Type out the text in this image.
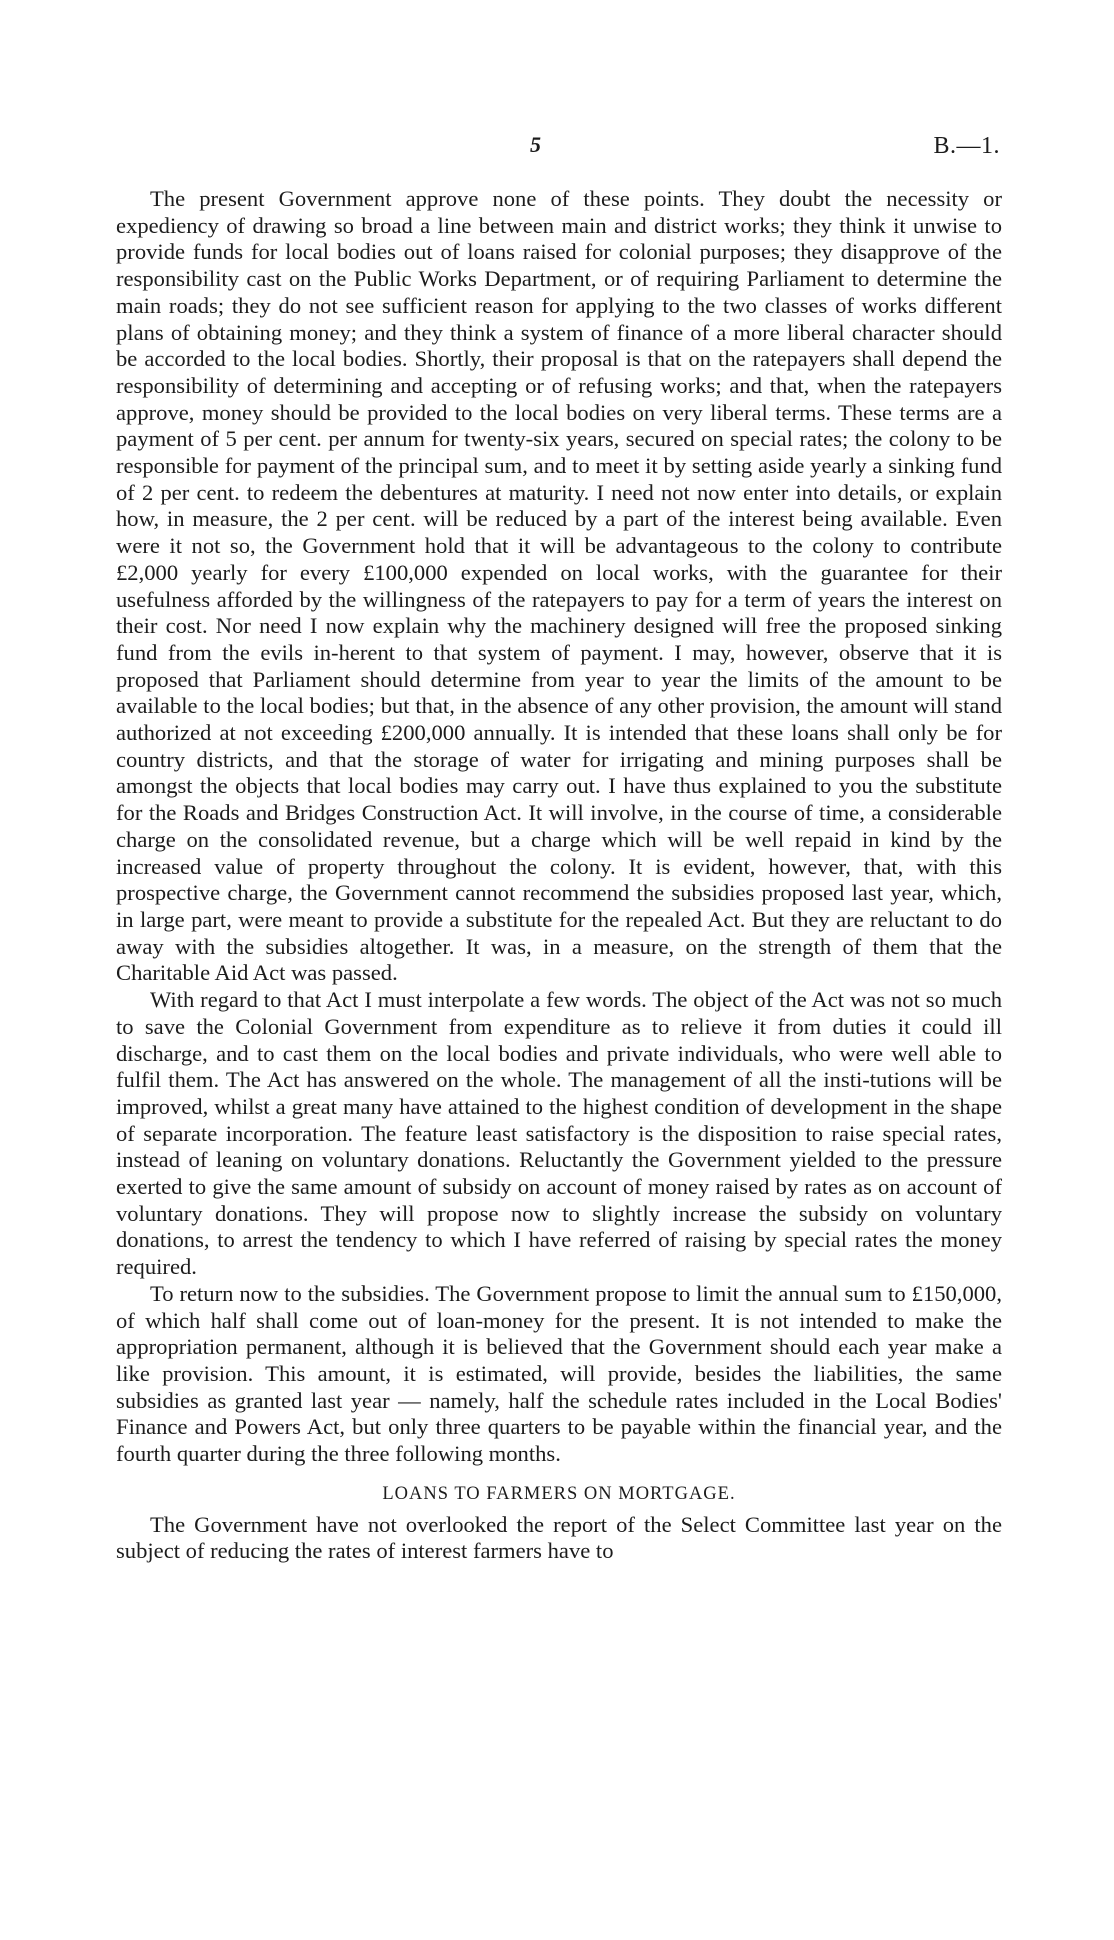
5	B.—1.

The present Government approve none of these points. They doubt the necessity or expediency of drawing so broad a line between main and district works; they think it unwise to provide funds for local bodies out of loans raised for colonial purposes; they disapprove of the responsibility cast on the Public Works Department, or of requiring Parliament to determine the main roads; they do not see sufficient reason for applying to the two classes of works different plans of obtaining money; and they think a system of finance of a more liberal character should be accorded to the local bodies. Shortly, their proposal is that on the ratepayers shall depend the responsibility of determining and accepting or of refusing works; and that, when the ratepayers approve, money should be provided to the local bodies on very liberal terms. These terms are a payment of 5 per cent. per annum for twenty-six years, secured on special rates; the colony to be responsible for payment of the principal sum, and to meet it by setting aside yearly a sinking fund of 2 per cent. to redeem the debentures at maturity. I need not now enter into details, or explain how, in measure, the 2 per cent. will be reduced by a part of the interest being available. Even were it not so, the Government hold that it will be advantageous to the colony to contribute £2,000 yearly for every £100,000 expended on local works, with the guarantee for their usefulness afforded by the willingness of the ratepayers to pay for a term of years the interest on their cost. Nor need I now explain why the machinery designed will free the proposed sinking fund from the evils in-herent to that system of payment. I may, however, observe that it is proposed that Parliament should determine from year to year the limits of the amount to be available to the local bodies; but that, in the absence of any other provision, the amount will stand authorized at not exceeding £200,000 annually. It is intended that these loans shall only be for country districts, and that the storage of water for irrigating and mining purposes shall be amongst the objects that local bodies may carry out. I have thus explained to you the substitute for the Roads and Bridges Construction Act. It will involve, in the course of time, a considerable charge on the consolidated revenue, but a charge which will be well repaid in kind by the increased value of property throughout the colony. It is evident, however, that, with this prospective charge, the Government cannot recommend the subsidies proposed last year, which, in large part, were meant to provide a substitute for the repealed Act. But they are reluctant to do away with the subsidies altogether. It was, in a measure, on the strength of them that the Charitable Aid Act was passed.

With regard to that Act I must interpolate a few words. The object of the Act was not so much to save the Colonial Government from expenditure as to relieve it from duties it could ill discharge, and to cast them on the local bodies and private individuals, who were well able to fulfil them. The Act has answered on the whole. The management of all the insti-tutions will be improved, whilst a great many have attained to the highest condition of development in the shape of separate incorporation. The feature least satisfactory is the disposition to raise special rates, instead of leaning on voluntary donations. Reluctantly the Government yielded to the pressure exerted to give the same amount of subsidy on account of money raised by rates as on account of voluntary donations. They will propose now to slightly increase the subsidy on voluntary donations, to arrest the tendency to which I have referred of raising by special rates the money required.

To return now to the subsidies. The Government propose to limit the annual sum to £150,000, of which half shall come out of loan-money for the present. It is not intended to make the appropriation permanent, although it is believed that the Government should each year make a like provision. This amount, it is estimated, will provide, besides the liabilities, the same subsidies as granted last year — namely, half the schedule rates included in the Local Bodies' Finance and Powers Act, but only three quarters to be payable within the financial year, and the fourth quarter during the three following months.

LOANS TO FARMERS ON MORTGAGE.

The Government have not overlooked the report of the Select Committee last year on the subject of reducing the rates of interest farmers have to
